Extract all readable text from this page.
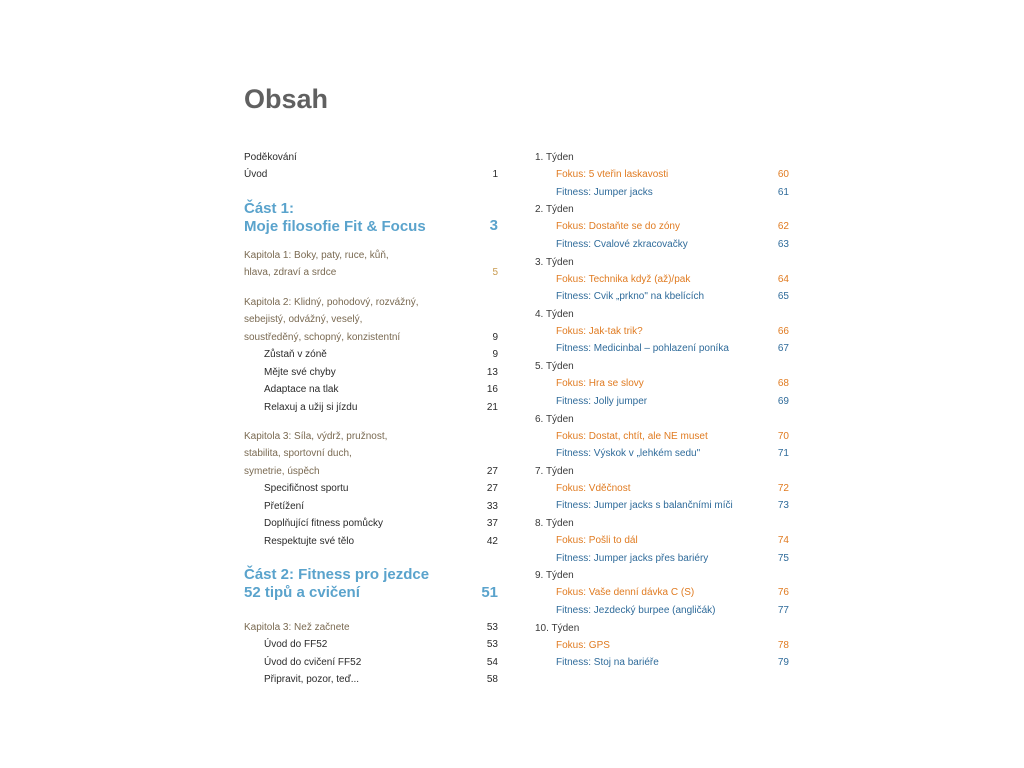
Obsah
Poděkování
Úvod	1
Část 1:
Moje filosofie Fit & Focus	3
Kapitola 1: Boky, paty, ruce, kůň,
hlava, zdraví a srdce	5
Kapitola 2: Klidný, pohodový, rozvážný,
sebejistý, odvážný, veselý,
soustředěný, schopný, konzistentní	9
Zůstaň v zóně	9
Mějte své chyby	13
Adaptace na tlak	16
Relaxuj a užij si jízdu	21
Kapitola 3: Síla, výdrž, pružnost,
stabilita, sportovní duch,
symetrie, úspěch	27
Specifičnost sportu	27
Přetížení	33
Doplňující fitness pomůcky	37
Respektujte své tělo	42
Část 2: Fitness pro jezdce
52 tipů a cvičení	51
Kapitola 3: Než začnete	53
Úvod do FF52	53
Úvod do cvičení FF52	54
Připravit, pozor, teď...	58
1. Týden
Fokus: 5 vteřin laskavosti	60
Fitness: Jumper jacks	61
2. Týden
Fokus: Dostaňte se do zóny	62
Fitness: Cvalové zkracovačky	63
3. Týden
Fokus: Technika když (až)/pak	64
Fitness: Cvik „prkno" na kbelících	65
4. Týden
Fokus: Jak-tak trik?	66
Fitness: Medicinbal – pohlazení poníka	67
5. Týden
Fokus: Hra se slovy	68
Fitness: Jolly jumper	69
6. Týden
Fokus: Dostat, chtít, ale NE muset	70
Fitness: Výskok v „lehkém sedu"	71
7. Týden
Fokus: Vděčnost	72
Fitness: Jumper jacks s balančními míči	73
8. Týden
Fokus: Pošli to dál	74
Fitness: Jumper jacks přes bariéry	75
9. Týden
Fokus: Vaše denní dávka C (S)	76
Fitness: Jezdecký burpee (angličák)	77
10. Týden
Fokus: GPS	78
Fitness: Stoj na bariéře	79
